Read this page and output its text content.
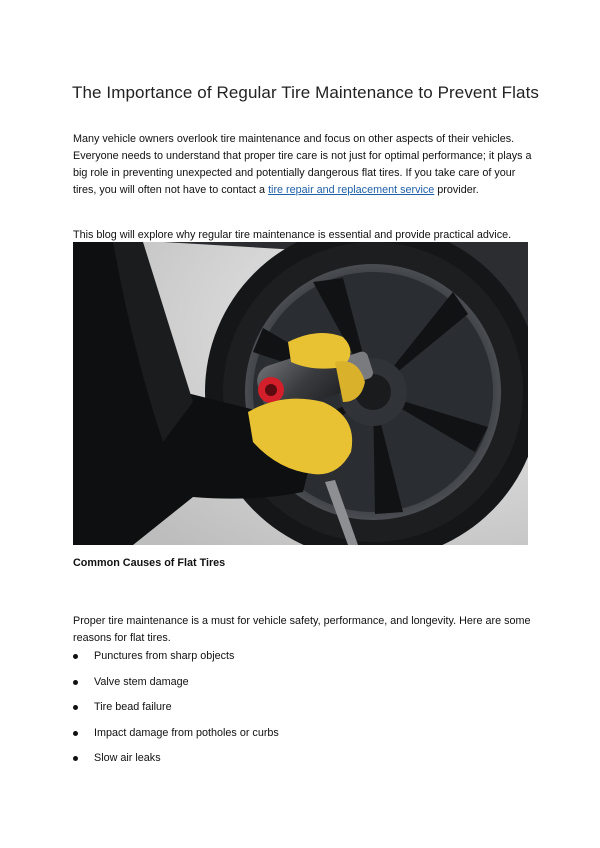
The Importance of Regular Tire Maintenance to Prevent Flats

Many vehicle owners overlook tire maintenance and focus on other aspects of their vehicles. Everyone needs to understand that proper tire care is not just for optimal performance; it plays a big role in preventing unexpected and potentially dangerous flat tires. If you take care of your tires, you will often not have to contact a tire repair and replacement service provider.

This blog will explore why regular tire maintenance is essential and provide practical advice.

Common Causes of Flat Tires

Proper tire maintenance is a must for vehicle safety, performance, and longevity. Here are some reasons for flat tires.

Punctures from sharp objects
Valve stem damage
Tire bead failure
Impact damage from potholes or curbs
Slow air leaks
